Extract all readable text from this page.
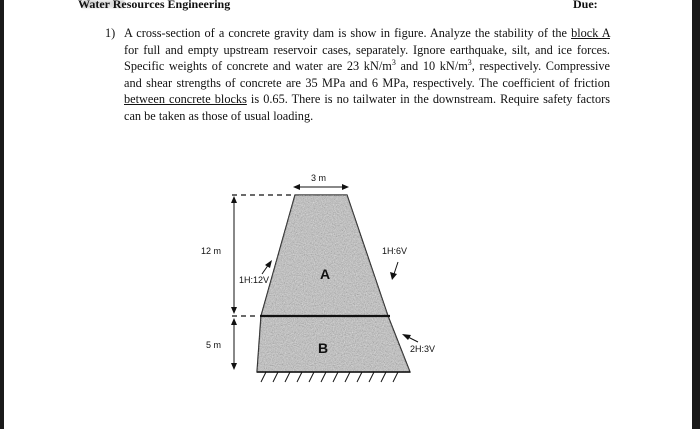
Water Resources Engineering	Due:
1) A cross-section of a concrete gravity dam is show in figure. Analyze the stability of the block A for full and empty upstream reservoir cases, separately. Ignore earthquake, silt, and ice forces. Specific weights of concrete and water are 23 $kN/m^3$ and 10 $kN/m^3$, respectively. Compressive and shear strengths of concrete are 35 MPa and 6 MPa, respectively. The coefficient of friction between concrete blocks is 0.65. There is no tailwater in the downstream. Require safety factors can be taken as those of usual loading.
3 m
12 m
5 m
1H:12V
1H:6V
2H:3V
A
B
